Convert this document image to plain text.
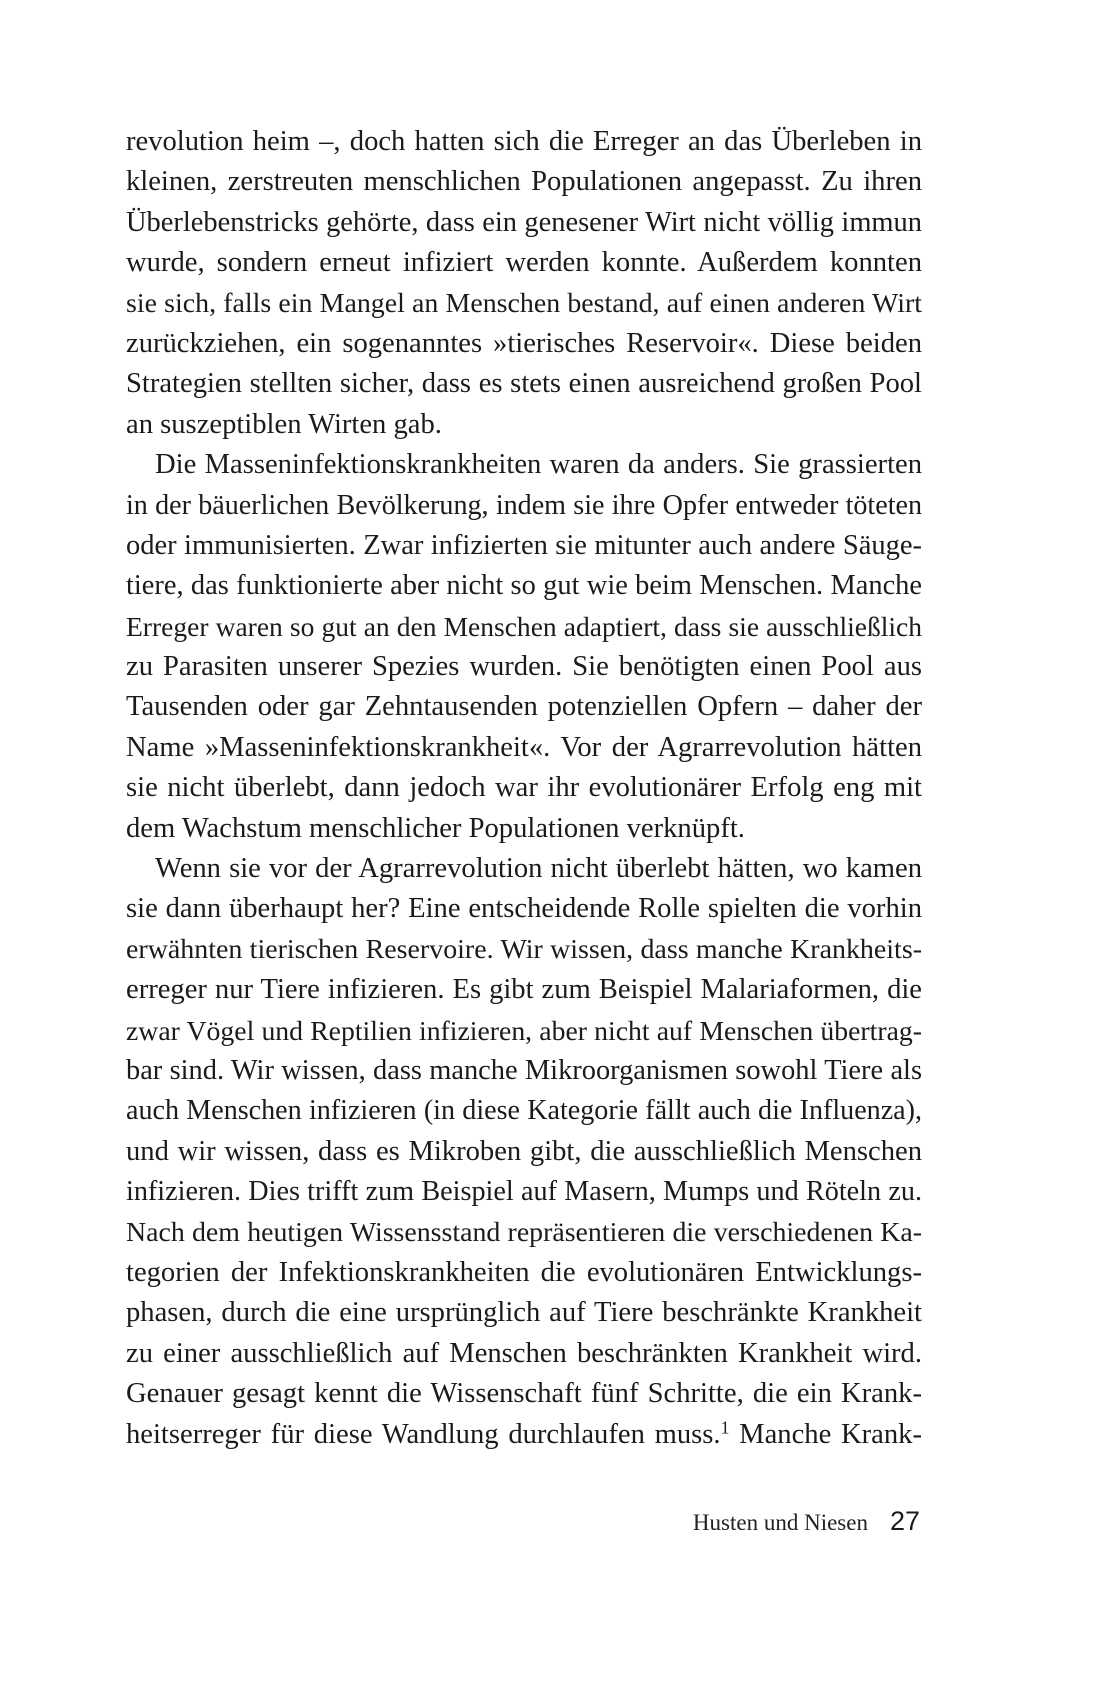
revolution heim –, doch hatten sich die Erreger an das Überleben in
kleinen, zerstreuten menschlichen Populationen angepasst. Zu ihren
Überlebenstricks gehörte, dass ein genesener Wirt nicht völlig immun
wurde, sondern erneut infiziert werden konnte. Außerdem konnten
sie sich, falls ein Mangel an Menschen bestand, auf einen anderen Wirt
zurückziehen, ein sogenanntes »tierisches Reservoir«. Diese beiden
Strategien stellten sicher, dass es stets einen ausreichend großen Pool
an suszeptiblen Wirten gab.
Die Masseninfektionskrankheiten waren da anders. Sie grassierten
in der bäuerlichen Bevölkerung, indem sie ihre Opfer entweder töteten
oder immunisierten. Zwar infizierten sie mitunter auch andere Säuge-
tiere, das funktionierte aber nicht so gut wie beim Menschen. Manche
Erreger waren so gut an den Menschen adaptiert, dass sie ausschließlich
zu Parasiten unserer Spezies wurden. Sie benötigten einen Pool aus
Tausenden oder gar Zehntausenden potenziellen Opfern – daher der
Name »Masseninfektionskrankheit«. Vor der Agrarrevolution hätten
sie nicht überlebt, dann jedoch war ihr evolutionärer Erfolg eng mit
dem Wachstum menschlicher Populationen verknüpft.
Wenn sie vor der Agrarrevolution nicht überlebt hätten, wo kamen
sie dann überhaupt her? Eine entscheidende Rolle spielten die vorhin
erwähnten tierischen Reservoire. Wir wissen, dass manche Krankheits-
erreger nur Tiere infizieren. Es gibt zum Beispiel Malariaformen, die
zwar Vögel und Reptilien infizieren, aber nicht auf Menschen übertrag-
bar sind. Wir wissen, dass manche Mikroorganismen sowohl Tiere als
auch Menschen infizieren (in diese Kategorie fällt auch die Influenza),
und wir wissen, dass es Mikroben gibt, die ausschließlich Menschen
infizieren. Dies trifft zum Beispiel auf Masern, Mumps und Röteln zu.
Nach dem heutigen Wissensstand repräsentieren die verschiedenen Ka-
tegorien der Infektionskrankheiten die evolutionären Entwicklungs-
phasen, durch die eine ursprünglich auf Tiere beschränkte Krankheit
zu einer ausschließlich auf Menschen beschränkten Krankheit wird.
Genauer gesagt kennt die Wissenschaft fünf Schritte, die ein Krank-
heitserreger für diese Wandlung durchlaufen muss.$^1$ Manche Krank-
Husten und Niesen 27
